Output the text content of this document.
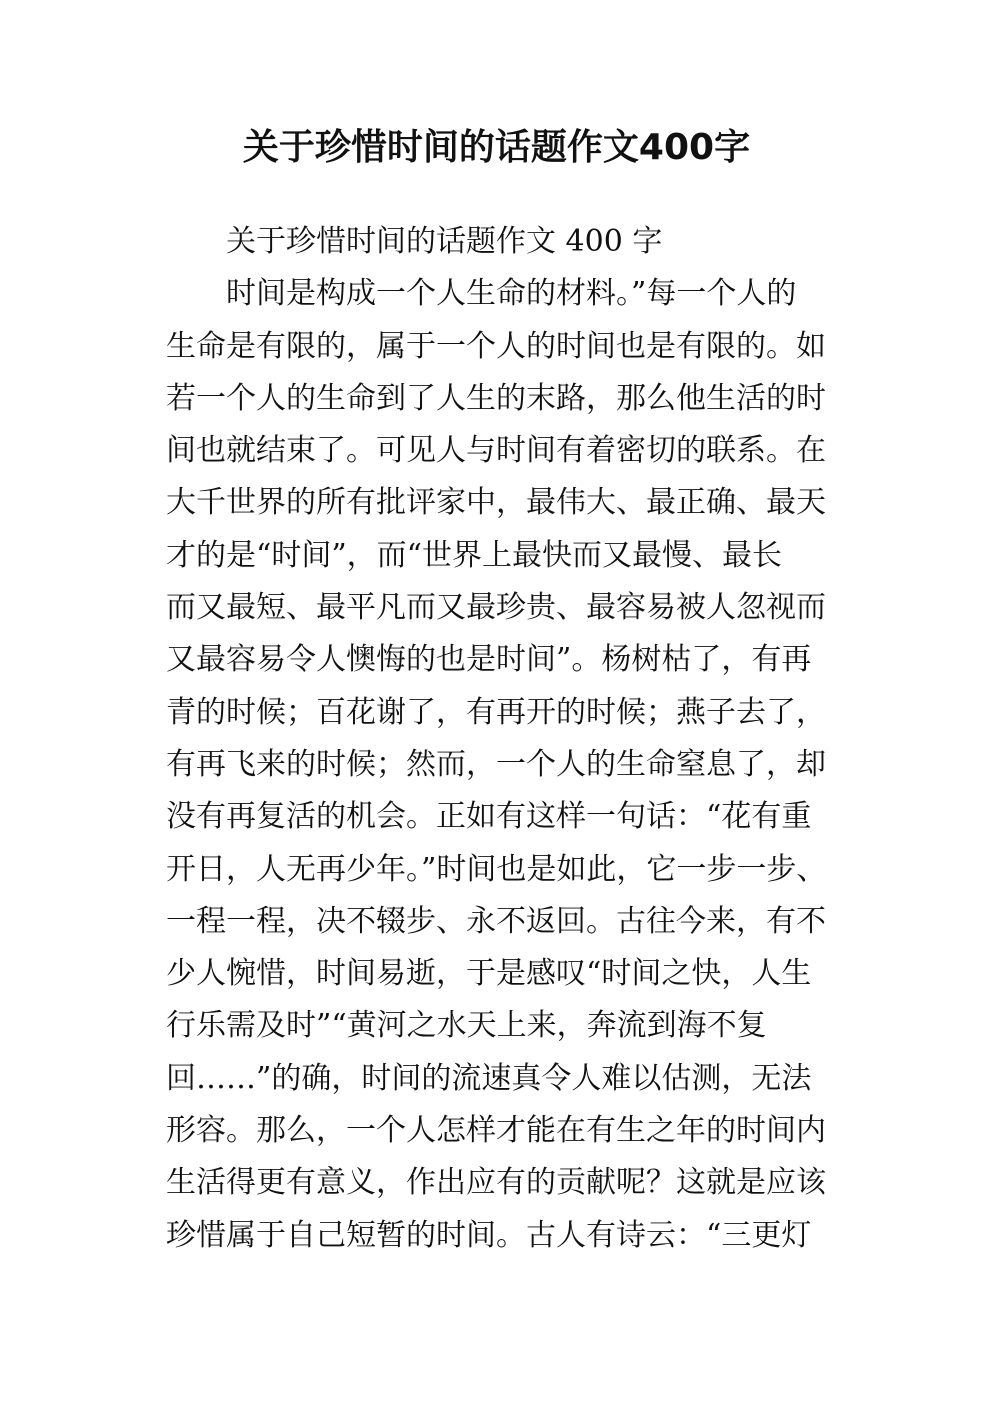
关于珍惜时间的话题作文400字
关于珍惜时间的话题作文 400 字
时间是构成一个人生命的材料。”每一个人的
生命是有限的，属于一个人的时间也是有限的。如
若一个人的生命到了人生的末路，那么他生活的时
间也就结束了。可见人与时间有着密切的联系。在
大千世界的所有批评家中，最伟大、最正确、最天
才的是“时间”，而“世界上最快而又最慢、最长
而又最短、最平凡而又最珍贵、最容易被人忽视而
又最容易令人懊悔的也是时间”。杨树枯了，有再
青的时候；百花谢了，有再开的时候；燕子去了，
有再飞来的时候；然而，一个人的生命窒息了，却
没有再复活的机会。正如有这样一句话：“花有重
开日，人无再少年。”时间也是如此，它一步一步、
一程一程，决不辍步、永不返回。古往今来，有不
少人惋惜，时间易逝，于是感叹“时间之快，人生
行乐需及时”“黄河之水天上来，奔流到海不复
回……”的确，时间的流速真令人难以估测，无法
形容。那么，一个人怎样才能在有生之年的时间内
生活得更有意义，作出应有的贡献呢？这就是应该
珍惜属于自己短暂的时间。古人有诗云：“三更灯
